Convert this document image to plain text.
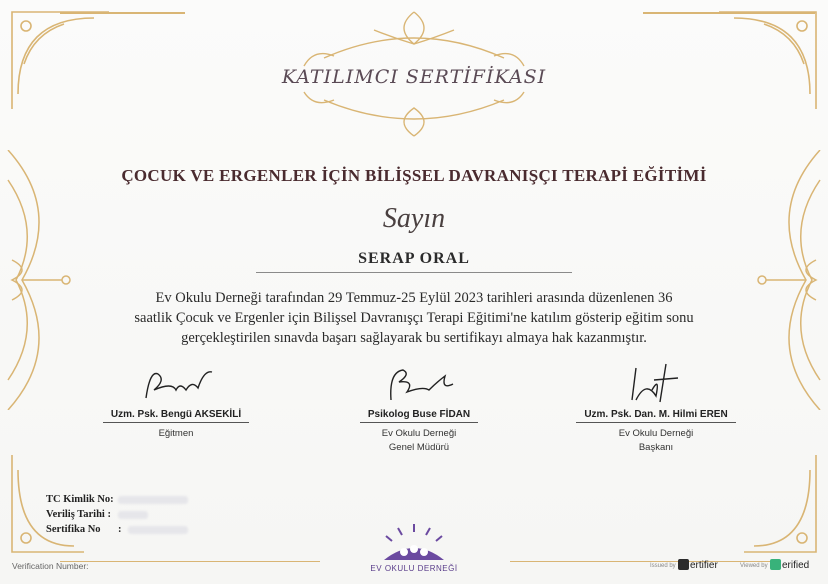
KATILIMCI SERTİFİKASI
ÇOCUK VE ERGENLER İÇİN BİLİŞSEL DAVRANIŞÇI TERAPİ EĞİTİMİ
Sayın
SERAP ORAL
Ev Okulu Derneği tarafından 29 Temmuz-25 Eylül 2023 tarihleri arasında düzenlenen 36
saatlik Çocuk ve Ergenler için Bilişsel Davranışçı Terapi Eğitimi'ne katılım gösterip eğitim sonu
gerçekleştirilen sınavda başarı sağlayarak bu sertifikayı almaya hak kazanmıştır.
Uzm. Psk. Bengü AKSEKİLİ
Eğitmen
Psikolog Buse FİDAN
Ev Okulu Derneği
Genel Müdürü
Uzm. Psk. Dan. M. Hilmi EREN
Ev Okulu Derneği
Başkanı
TC Kimlik No:
Veriliş Tarihi :
Sertifika No	:
EV OKULU DERNEĞİ
Verification Number:	Issued by	ertifier	Viewed by	erified
